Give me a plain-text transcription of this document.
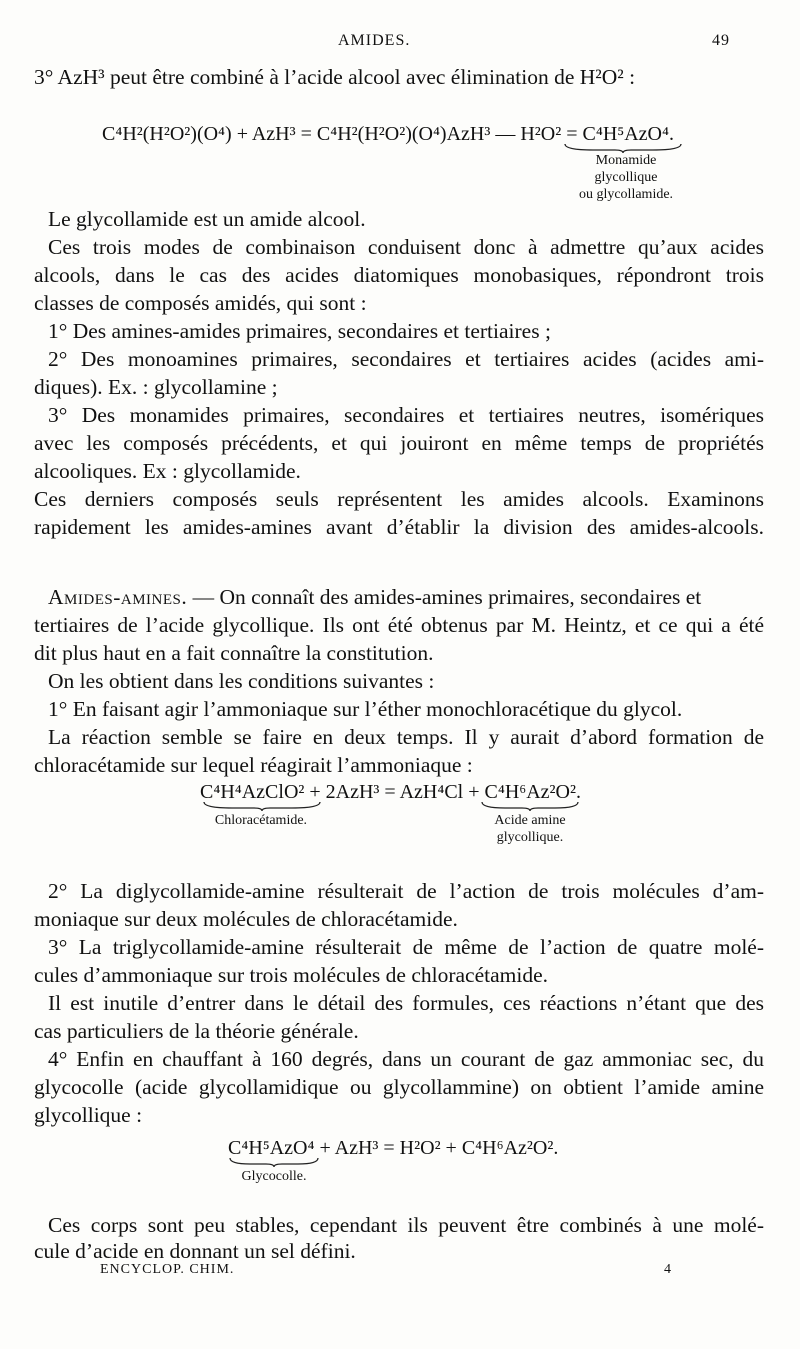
AMIDES.	49
3° AzH³ peut être combiné à l’acide alcool avec élimination de H²O² :
C⁴H²(H²O²)(O⁴) + AzH³ = C⁴H²(H²O²)(O⁴)AzH³ — H²O² = C⁴H⁵AzO⁴.
Monamide
glycollique
ou glycollamide.
Le glycollamide est un amide alcool.
Ces trois modes de combinaison conduisent donc à admettre qu’aux acides
alcools, dans le cas des acides diatomiques monobasiques, répondront trois
classes de composés amidés, qui sont :
1° Des amines-amides primaires, secondaires et tertiaires ;
2° Des monoamines primaires, secondaires et tertiaires acides (acides ami-
diques). Ex. : glycollamine ;
3° Des monamides primaires, secondaires et tertiaires neutres, isomériques
avec les composés précédents, et qui jouiront en même temps de propriétés
alcooliques. Ex : glycollamide.
Ces derniers composés seuls représentent les amides alcools. Examinons
rapidement les amides-amines avant d’établir la division des amides-alcools.
Amides-amines. — On connaît des amides-amines primaires, secondaires et
tertiaires de l’acide glycollique. Ils ont été obtenus par M. Heintz, et ce qui a été
dit plus haut en a fait connaître la constitution.
On les obtient dans les conditions suivantes :
1° En faisant agir l’ammoniaque sur l’éther monochloracétique du glycol.
La réaction semble se faire en deux temps. Il y aurait d’abord formation de
chloracétamide sur lequel réagirait l’ammoniaque :
C⁴H⁴AzClO² + 2AzH³ = AzH⁴Cl + C⁴H⁶Az²O².
Chloracétamide.	Acide amine
glycollique.
2° La diglycollamide-amine résulterait de l’action de trois molécules d’am-
moniaque sur deux molécules de chloracétamide.
3° La triglycollamide-amine résulterait de même de l’action de quatre molé-
cules d’ammoniaque sur trois molécules de chloracétamide.
Il est inutile d’entrer dans le détail des formules, ces réactions n’étant que des
cas particuliers de la théorie générale.
4° Enfin en chauffant à 160 degrés, dans un courant de gaz ammoniac sec, du
glycocolle (acide glycollamidique ou glycollammine) on obtient l’amide amine
glycollique :
C⁴H⁵AzO⁴ + AzH³ = H²O² + C⁴H⁶Az²O².
Glycocolle.
Ces corps sont peu stables, cependant ils peuvent être combinés à une molé-
cule d’acide en donnant un sel défini.
ENCYCLOP. CHIM.	4
